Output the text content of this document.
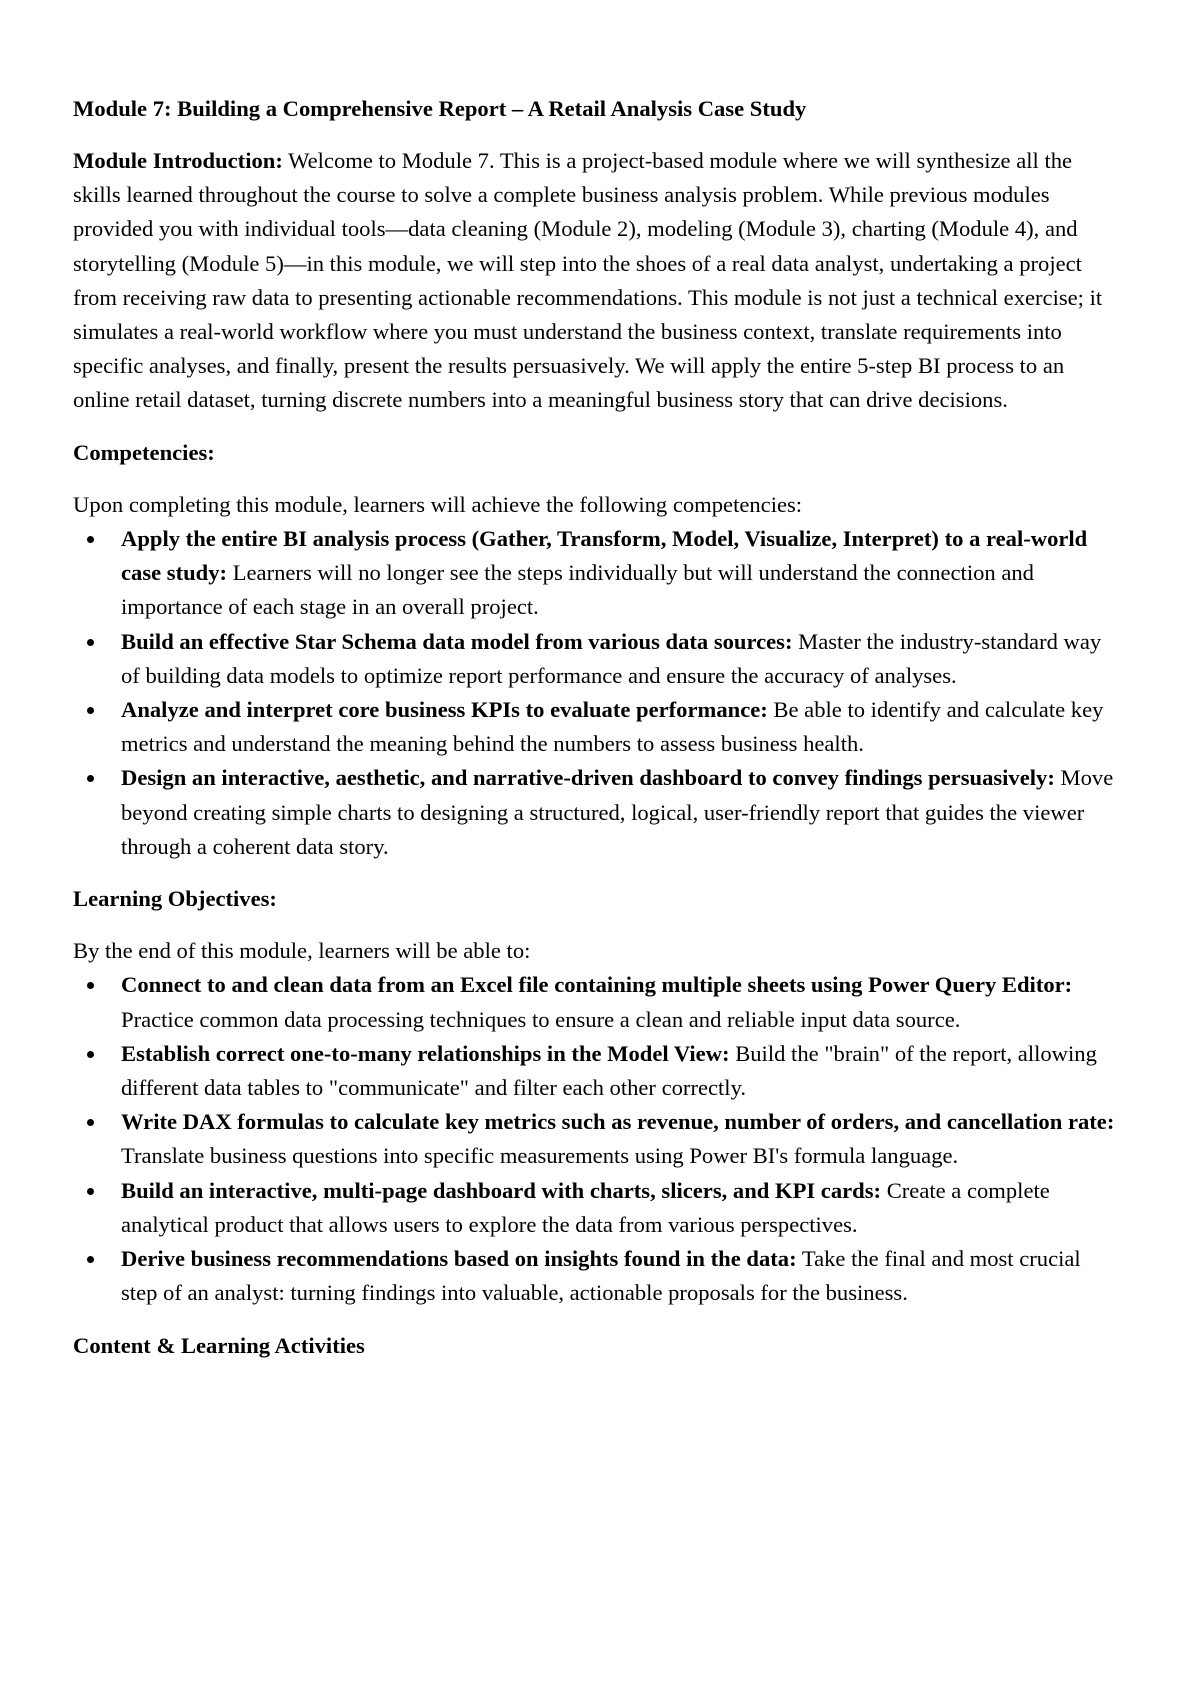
Module 7: Building a Comprehensive Report – A Retail Analysis Case Study

Module Introduction: Welcome to Module 7. This is a project-based module where we will synthesize all the skills learned throughout the course to solve a complete business analysis problem. While previous modules provided you with individual tools—data cleaning (Module 2), modeling (Module 3), charting (Module 4), and storytelling (Module 5)—in this module, we will step into the shoes of a real data analyst, undertaking a project from receiving raw data to presenting actionable recommendations. This module is not just a technical exercise; it simulates a real-world workflow where you must understand the business context, translate requirements into specific analyses, and finally, present the results persuasively. We will apply the entire 5-step BI process to an online retail dataset, turning discrete numbers into a meaningful business story that can drive decisions.

Competencies:

Upon completing this module, learners will achieve the following competencies:

Apply the entire BI analysis process (Gather, Transform, Model, Visualize, Interpret) to a real-world case study: Learners will no longer see the steps individually but will understand the connection and importance of each stage in an overall project.
Build an effective Star Schema data model from various data sources: Master the industry-standard way of building data models to optimize report performance and ensure the accuracy of analyses.
Analyze and interpret core business KPIs to evaluate performance: Be able to identify and calculate key metrics and understand the meaning behind the numbers to assess business health.
Design an interactive, aesthetic, and narrative-driven dashboard to convey findings persuasively: Move beyond creating simple charts to designing a structured, logical, user-friendly report that guides the viewer through a coherent data story.
Learning Objectives:

By the end of this module, learners will be able to:

Connect to and clean data from an Excel file containing multiple sheets using Power Query Editor: Practice common data processing techniques to ensure a clean and reliable input data source.
Establish correct one-to-many relationships in the Model View: Build the "brain" of the report, allowing different data tables to "communicate" and filter each other correctly.
Write DAX formulas to calculate key metrics such as revenue, number of orders, and cancellation rate: Translate business questions into specific measurements using Power BI's formula language.
Build an interactive, multi-page dashboard with charts, slicers, and KPI cards: Create a complete analytical product that allows users to explore the data from various perspectives.
Derive business recommendations based on insights found in the data: Take the final and most crucial step of an analyst: turning findings into valuable, actionable proposals for the business.
Content & Learning Activities
